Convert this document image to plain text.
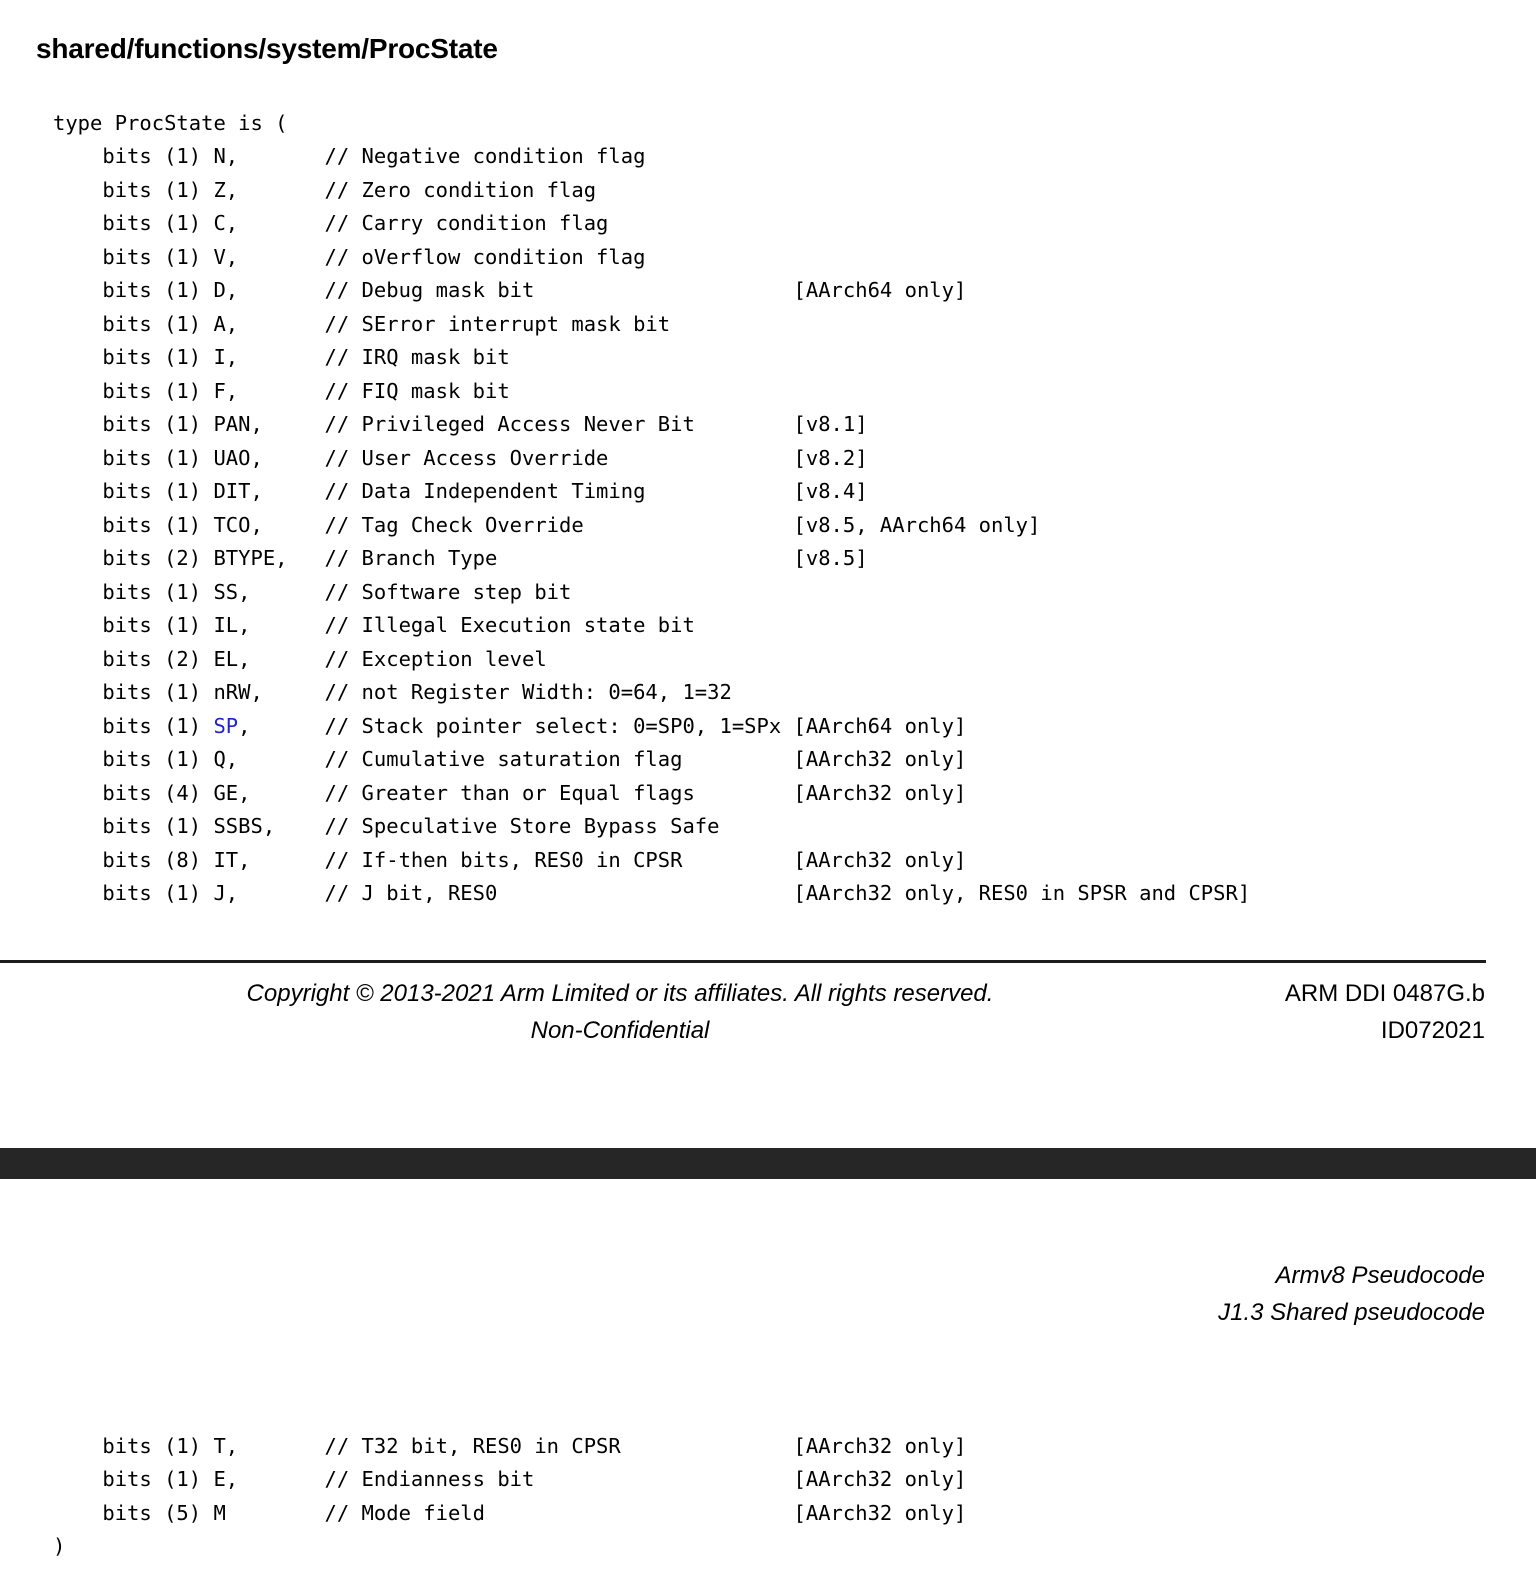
shared/functions/system/ProcState
type ProcState is (
bits (1) N,       // Negative condition flag
bits (1) Z,       // Zero condition flag
bits (1) C,       // Carry condition flag
bits (1) V,       // oVerflow condition flag
bits (1) D,       // Debug mask bit                     [AArch64 only]
bits (1) A,       // SError interrupt mask bit
bits (1) I,       // IRQ mask bit
bits (1) F,       // FIQ mask bit
bits (1) PAN,     // Privileged Access Never Bit        [v8.1]
bits (1) UAO,     // User Access Override               [v8.2]
bits (1) DIT,     // Data Independent Timing            [v8.4]
bits (1) TCO,     // Tag Check Override                 [v8.5, AArch64 only]
bits (2) BTYPE,   // Branch Type                        [v8.5]
bits (1) SS,      // Software step bit
bits (1) IL,      // Illegal Execution state bit
bits (2) EL,      // Exception level
bits (1) nRW,     // not Register Width: 0=64, 1=32
bits (1) SP,      // Stack pointer select: 0=SP0, 1=SPx [AArch64 only]
bits (1) Q,       // Cumulative saturation flag         [AArch32 only]
bits (4) GE,      // Greater than or Equal flags        [AArch32 only]
bits (1) SSBS,    // Speculative Store Bypass Safe
bits (8) IT,      // If-then bits, RES0 in CPSR         [AArch32 only]
bits (1) J,       // J bit, RES0                        [AArch32 only, RES0 in SPSR and CPSR]
Copyright © 2013-2021 Arm Limited or its affiliates. All rights reserved.
Non-Confidential
ARM DDI 0487G.b
ID072021
Armv8 Pseudocode
J1.3 Shared pseudocode
bits (1) T,       // T32 bit, RES0 in CPSR              [AArch32 only]
bits (1) E,       // Endianness bit                     [AArch32 only]
bits (5) M        // Mode field                         [AArch32 only]
)
